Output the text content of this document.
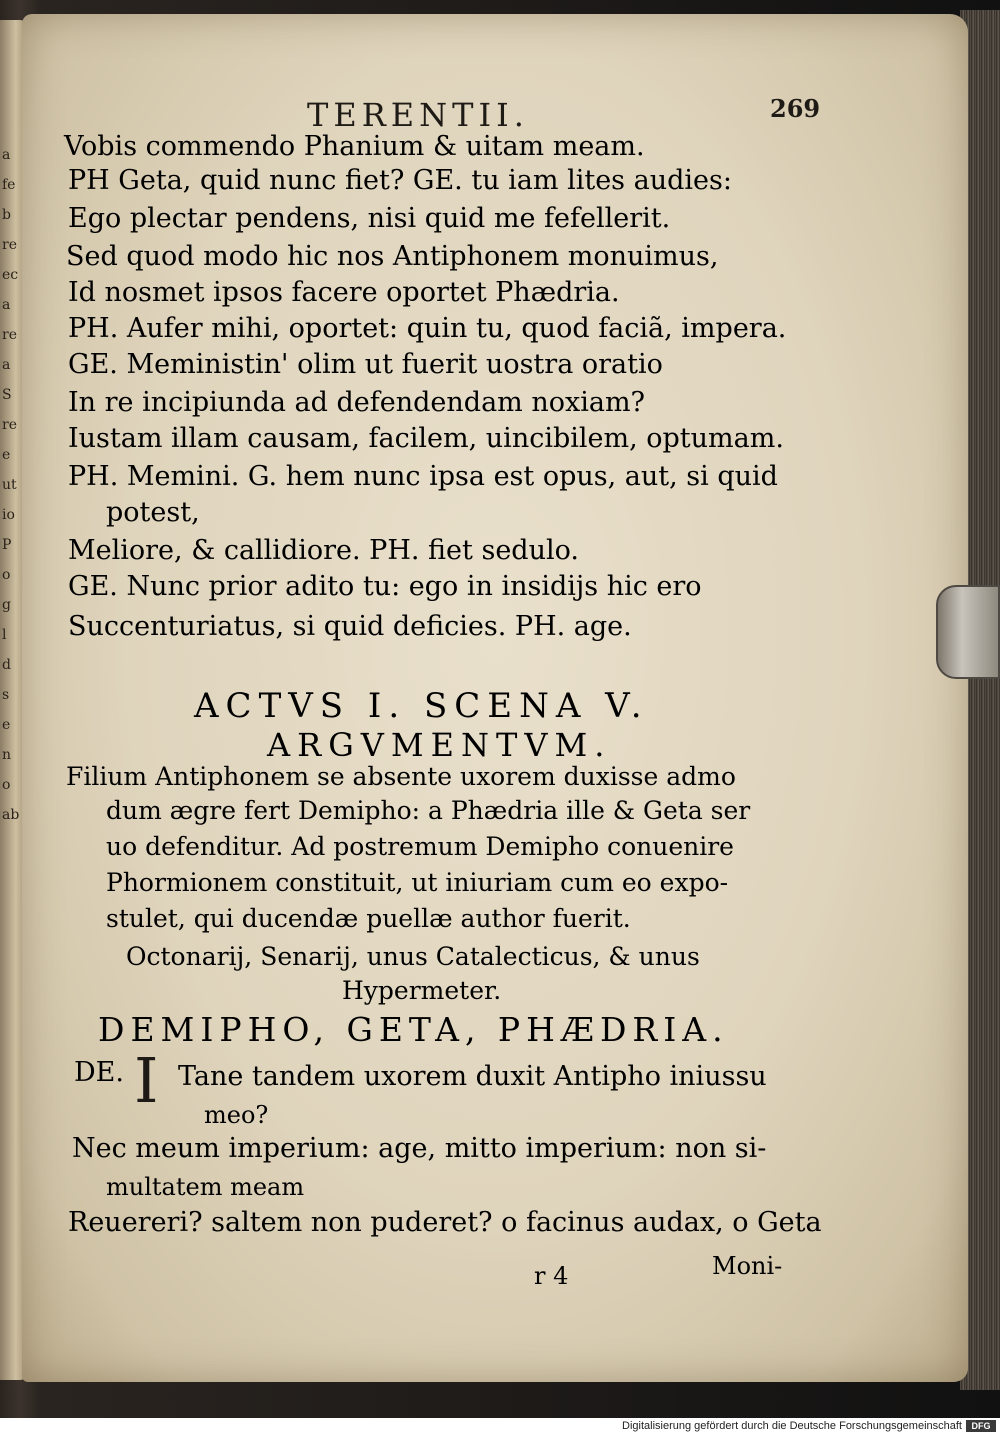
a
fe
b
re
ec
a
re
a
S
re
e
ut
io
P
o
g
l
d
s
e
n
o
ab
TERENTII.	269
Vobis commendo Phanium & uitam meam.
PH Geta, quid nunc fiet? GE. tu iam lites audies:
Ego plectar pendens, nisi quid me fefellerit.
Sed quod modo hic nos Antiphonem monuimus,
Id nosmet ipsos facere oportet Phædria.
PH. Aufer mihi, oportet: quin tu, quod faciã, impera.
GE. Meministin' olim ut fuerit uostra oratio
In re incipiunda ad defendendam noxiam?
Iustam illam causam, facilem, uincibilem, optumam.
PH. Memini. G. hem nunc ipsa est opus, aut, si quid
potest,
Meliore, & callidiore. PH. fiet sedulo.
GE. Nunc prior adito tu: ego in insidijs hic ero
Succenturiatus, si quid deficies. PH. age.
ACTVS I. SCENA V.
ARGVMENTVM.
Filium Antiphonem se absente uxorem duxisse admo
dum ægre fert Demipho: a Phædria ille & Geta ser
uo defenditur. Ad postremum Demipho conuenire
Phormionem constituit, ut iniuriam cum eo expo-
stulet, qui ducendæ puellæ author fuerit.
Octonarij, Senarij, unus Catalecticus, & unus
Hypermeter.
DEMIPHO, GETA, PHÆDRIA.
DE. I Tane tandem uxorem duxit Antipho iniussu
meo?
Nec meum imperium: age, mitto imperium: non si-
multatem meam
Reuereri? saltem non puderet? o facinus audax, o Geta
r 4	Moni-
Digitalisierung gefördert durch die Deutsche Forschungsgemeinschaft	DFG
